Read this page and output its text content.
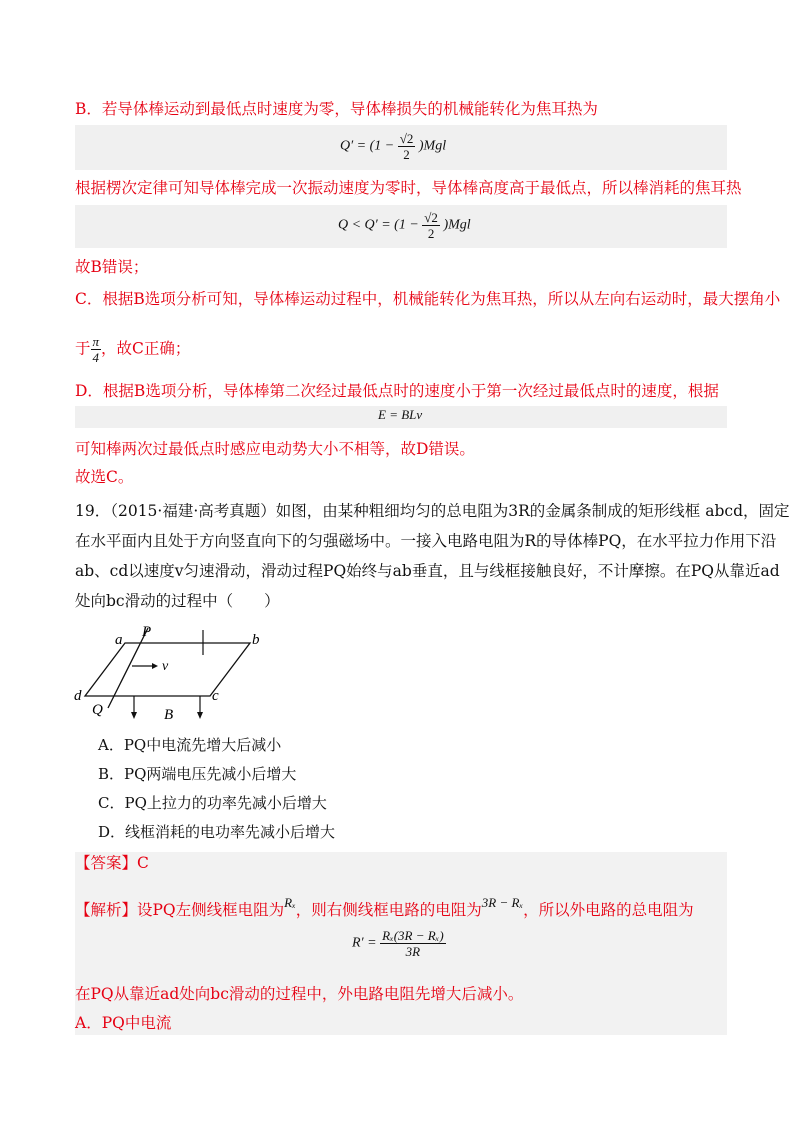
B．若导体棒运动到最低点时速度为零，导体棒损失的机械能转化为焦耳热为
$Q' = (1 - \frac{√2}{2} )Mgl$
根据楞次定律可知导体棒完成一次振动速度为零时，导体棒高度高于最低点，所以棒消耗的焦耳热
$Q < Q' = (1 - \frac{√2}{2} )Mgl$
故B错误；
C．根据B选项分析可知，导体棒运动过程中，机械能转化为焦耳热，所以从左向右运动时，最大摆角小
于 $\frac{\pi}{4}$ ，故C正确；
D．根据B选项分析，导体棒第二次经过最低点时的速度小于第一次经过最低点时的速度，根据
E = BLv
可知棒两次过最低点时感应电动势大小不相等，故D错误。
故选C。
19．（2015·福建·高考真题）如图，由某种粗细均匀的总电阻为3R的金属条制成的矩形线框 abcd，固定
在水平面内且处于方向竖直向下的匀强磁场中。一接入电路电阻为R的导体棒PQ，在水平拉力作用下沿
ab、cd以速度v匀速滑动，滑动过程PQ始终与ab垂直，且与线框接触良好，不计摩擦。在PQ从靠近ad
处向bc滑动的过程中（　　）
a P	b
v
d	c
Q	B
A．PQ中电流先增大后减小
B．PQ两端电压先减小后增大
C．PQ上拉力的功率先减小后增大
D．线框消耗的电功率先减小后增大
【答案】C
【解析】设PQ左侧线框电阻为$^{R_x}$，则右侧线框电路的电阻为$^{3R - R_x}$，所以外电路的总电阻为
$R' = \frac{\text{Rₓ(3R − Rₓ)}}{3R}$
在PQ从靠近ad处向bc滑动的过程中，外电路电阻先增大后减小。
A．PQ中电流
